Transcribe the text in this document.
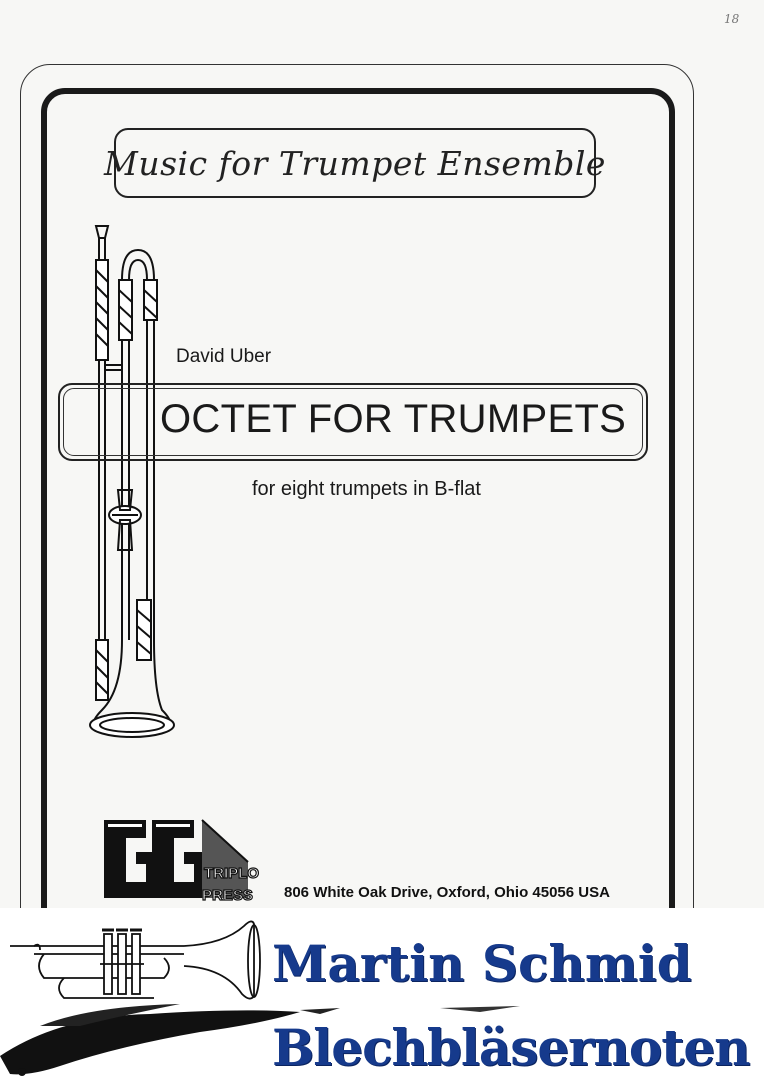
18
Music for Trumpet Ensemble
David Uber
OCTET FOR TRUMPETS
for eight trumpets in B-flat
TRIPLO
PRESS 806 White Oak Drive, Oxford, Ohio 45056 USA
Martin Schmid
Blechbläsernoten
